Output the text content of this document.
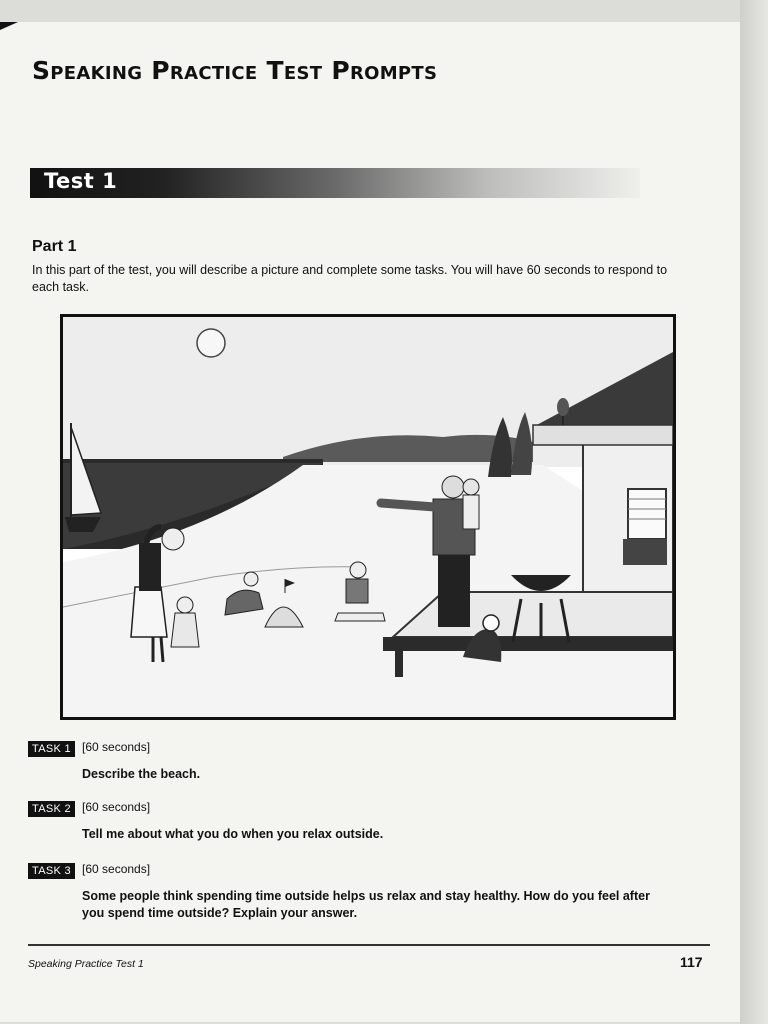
Speaking Practice Test Prompts
Test 1
Part 1

In this part of the test, you will describe a picture and complete some tasks. You will have 60 seconds to respond to each task.

TASK 1 [60 seconds]
Describe the beach.
TASK 2 [60 seconds]
Tell me about what you do when you relax outside.
TASK 3 [60 seconds]
Some people think spending time outside helps us relax and stay healthy. How do you feel after you spend time outside? Explain your answer.
Speaking Practice Test 1	117
